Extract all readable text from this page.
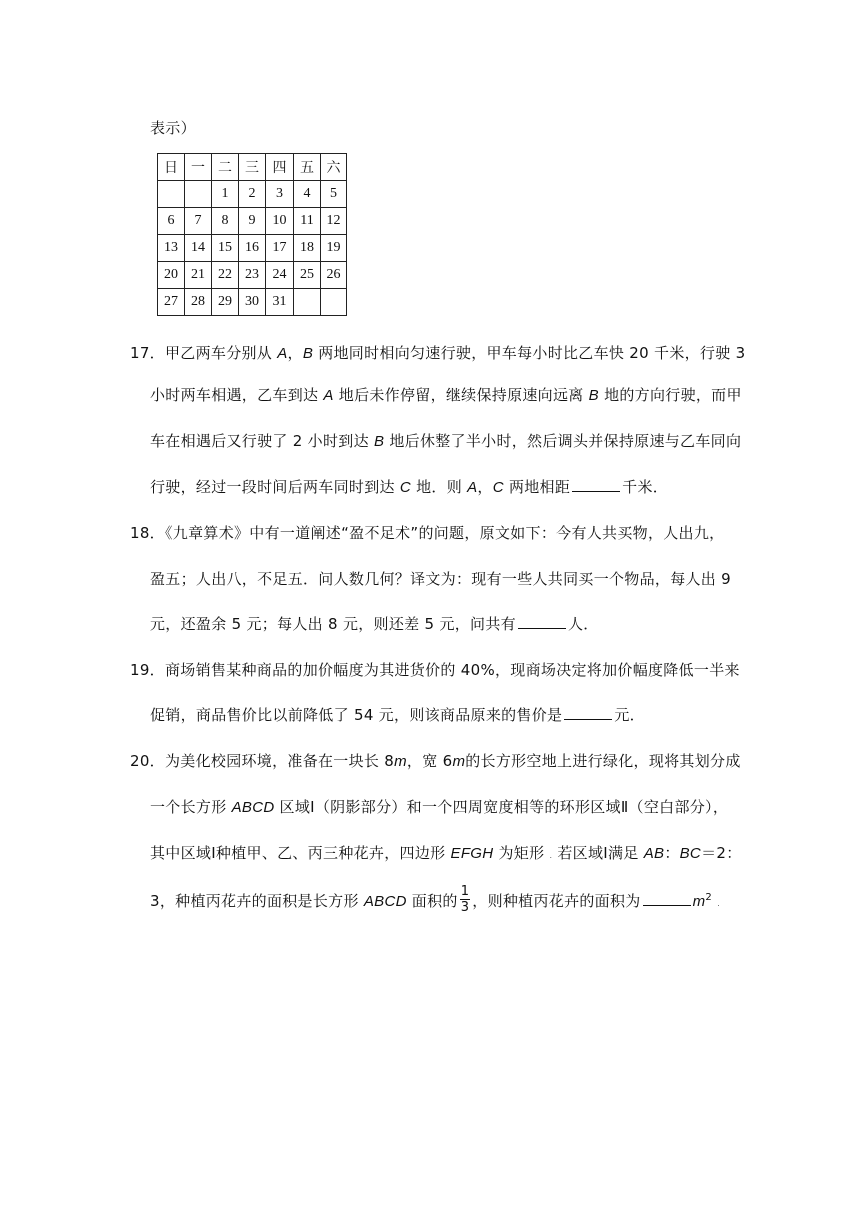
表示）
日	一	二	三	四	五	六
		1	2	3	4	5
6	7	8	9	10	11	12
13	14	15	16	17	18	19
20	21	22	23	24	25	26
27	28	29	30	31		
17．甲乙两车分别从 A，B 两地同时相向匀速行驶，甲车每小时比乙车快 20 千米，行驶 3
小时两车相遇，乙车到达 A 地后未作停留，继续保持原速向远离 B 地的方向行驶，而甲
车在相遇后又行驶了 2 小时到达 B 地后休整了半小时，然后调头并保持原速与乙车同向
行驶，经过一段时间后两车同时到达 C 地．则 A，C 两地相距	千米．
18．《九章算术》中有一道阐述“盈不足术”的问题，原文如下：今有人共买物，人出九，
盈五；人出八，不足五．问人数几何？译文为：现有一些人共同买一个物品，每人出 9
元，还盈余 5 元；每人出 8 元，则还差 5 元，问共有	人．
19．商场销售某种商品的加价幅度为其进货价的 40%，现商场决定将加价幅度降低一半来
促销，商品售价比以前降低了 54 元，则该商品原来的售价是	元．
20．为美化校园环境，准备在一块长 8m，宽 6m的长方形空地上进行绿化，现将其划分成
一个长方形 ABCD 区域Ⅰ（阴影部分）和一个四周宽度相等的环形区域Ⅱ（空白部分），
其中区域Ⅰ种植甲、乙、丙三种花卉，四边形 EFGH 为矩形 . 若区域Ⅰ满足 AB：BC＝2：
3，种植丙花卉的面积是长方形 ABCD 面积的 $\frac{1}{3}$ ，则种植丙花卉的面积为	$m^2$ .
